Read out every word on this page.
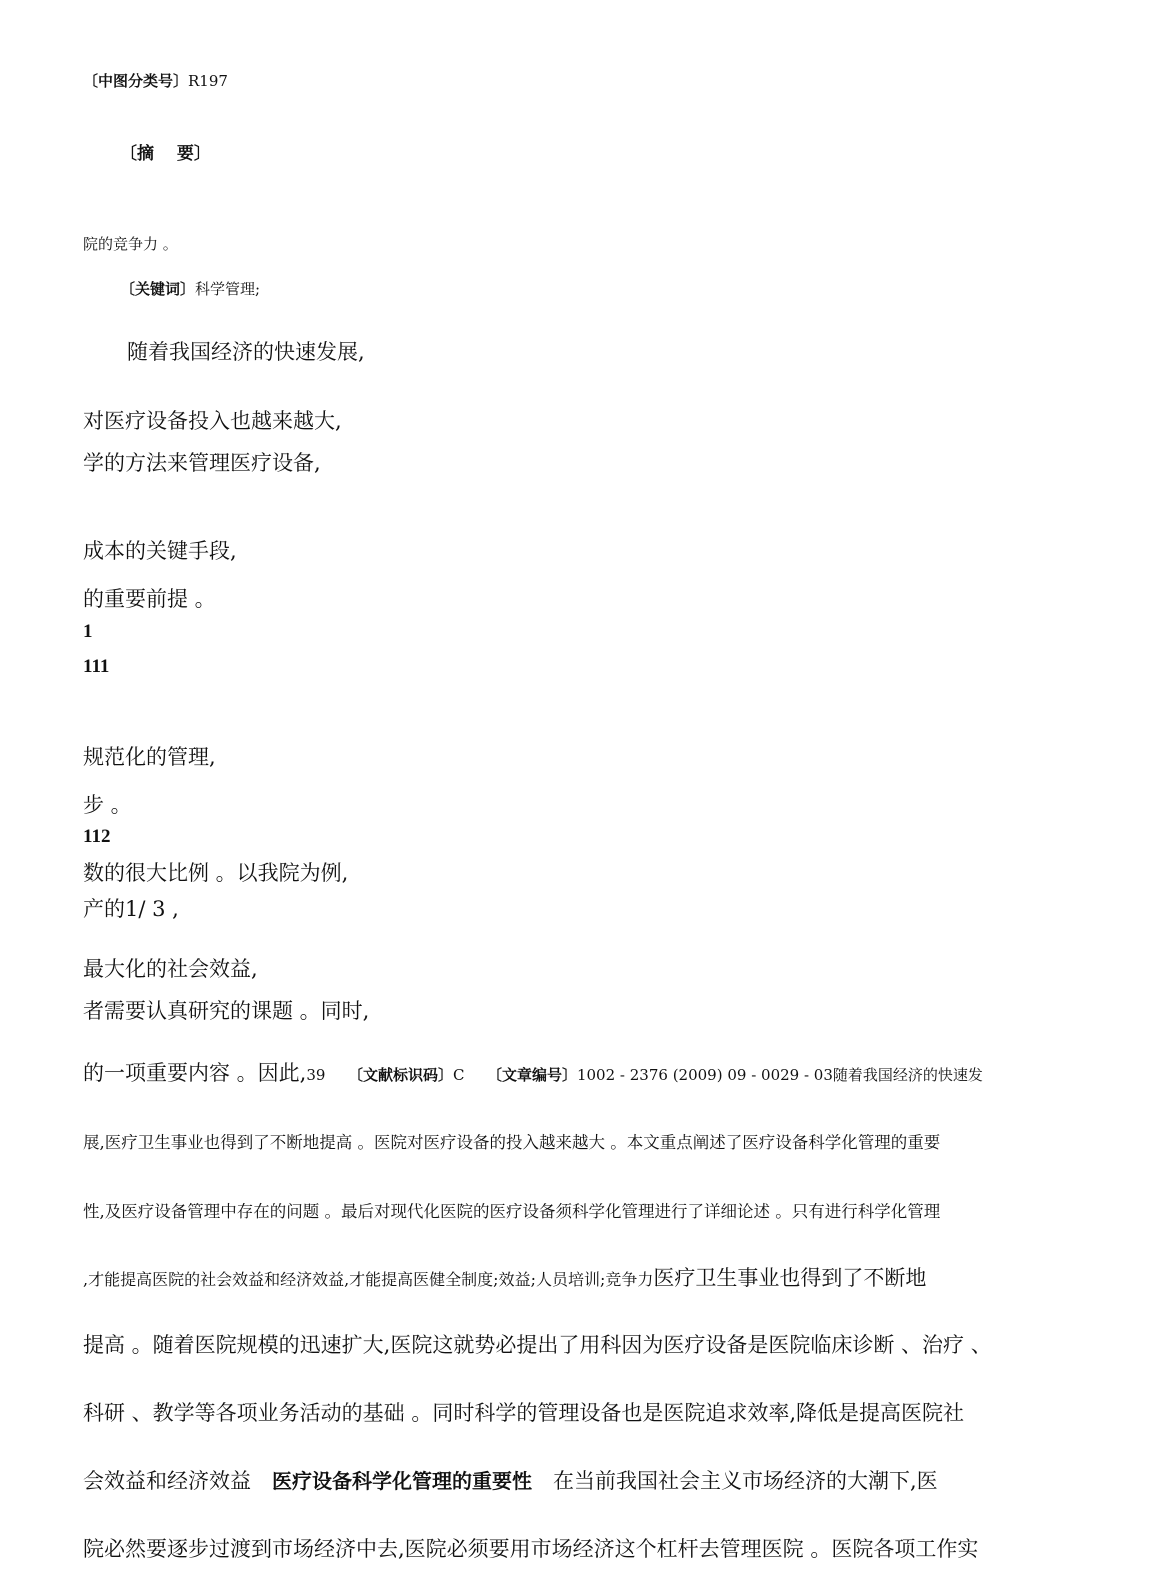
〔中图分类号〕R197
〔摘　 要〕
院的竞争力 。
〔关键词〕科学管理;
随着我国经济的快速发展,
对医疗设备投入也越来越大,
学的方法来管理医疗设备,
成本的关键手段,
的重要前提 。
1
111
规范化的管理,
步 。
112
数的很大比例 。以我院为例,
产的1/ 3 ,
最大化的社会效益,
者需要认真研究的课题 。同时,
的一项重要内容 。因此,39　　〔文献标识码〕C　　〔文章编号〕1002 - 2376 (2009) 09 - 0029 - 03随着我国经济的快速发
展,医疗卫生事业也得到了不断地提高 。医院对医疗设备的投入越来越大 。本文重点阐述了医疗设备科学化管理的重要
性,及医疗设备管理中存在的问题 。最后对现代化医院的医疗设备须科学化管理进行了详细论述 。只有进行科学化管理
,才能提高医院的社会效益和经济效益,才能提高医健全制度;效益;人员培训;竞争力医疗卫生事业也得到了不断地
提高 。随着医院规模的迅速扩大,医院这就势必提出了用科因为医疗设备是医院临床诊断 、治疗 、
科研 、教学等各项业务活动的基础 。同时科学的管理设备也是医院追求效率,降低是提高医院社
会效益和经济效益　医疗设备科学化管理的重要性　在当前我国社会主义市场经济的大潮下,医
院必然要逐步过渡到市场经济中去,医院必须要用市场经济这个杠杆去管理医院 。医院各项工作实
